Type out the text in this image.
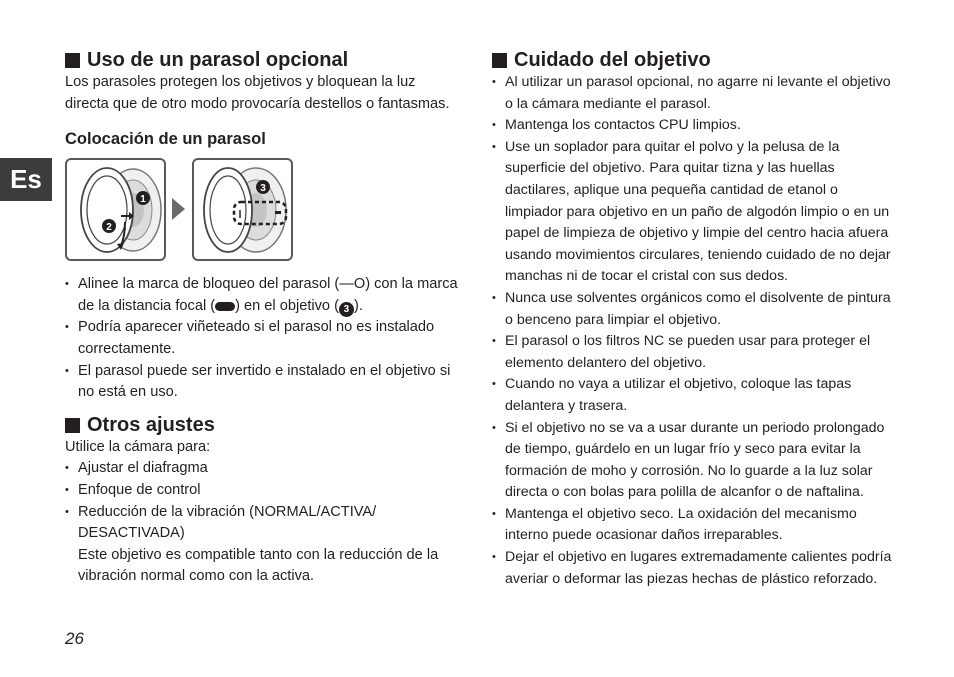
Es
Uso de un parasol opcional

Los parasoles protegen los objetivos y bloquean la luz directa que de otro modo provocaría destellos o fantasmas.

Colocación de un parasol
1
2
3
• Alinee la marca de bloqueo del parasol (—O) con la marca de la distancia focal ( ) en el objetivo ( 3 ).
• Podría aparecer viñeteado si el parasol no es instalado correctamente.
• El parasol puede ser invertido e instalado en el objetivo si no está en uso.
Otros ajustes

Utilice la cámara para:

• Ajustar el diafragma
• Enfoque de control
• Reducción de la vibración (NORMAL/ACTIVA/ DESACTIVADA)

Este objetivo es compatible tanto con la reducción de la vibración normal como con la activa.

Cuidado del objetivo
• Al utilizar un parasol opcional, no agarre ni levante el objetivo o la cámara mediante el parasol.
• Mantenga los contactos CPU limpios.
• Use un soplador para quitar el polvo y la pelusa de la superficie del objetivo. Para quitar tizna y las huellas dactilares, aplique una pequeña cantidad de etanol o limpiador para objetivo en un paño de algodón limpio o en un papel de limpieza de objetivo y limpie del centro hacia afuera usando movimientos circulares, teniendo cuidado de no dejar manchas ni de tocar el cristal con sus dedos.
• Nunca use solventes orgánicos como el disolvente de pintura o benceno para limpiar el objetivo.
• El parasol o los filtros NC se pueden usar para proteger el elemento delantero del objetivo.
• Cuando no vaya a utilizar el objetivo, coloque las tapas delantera y trasera.
• Si el objetivo no se va a usar durante un periodo prolongado de tiempo, guárdelo en un lugar frío y seco para evitar la formación de moho y corrosión. No lo guarde a la luz solar directa o con bolas para polilla de alcanfor o de naftalina.
• Mantenga el objetivo seco. La oxidación del mecanismo interno puede ocasionar daños irreparables.
• Dejar el objetivo en lugares extremadamente calientes podría averiar o deformar las piezas hechas de plástico reforzado.
26
